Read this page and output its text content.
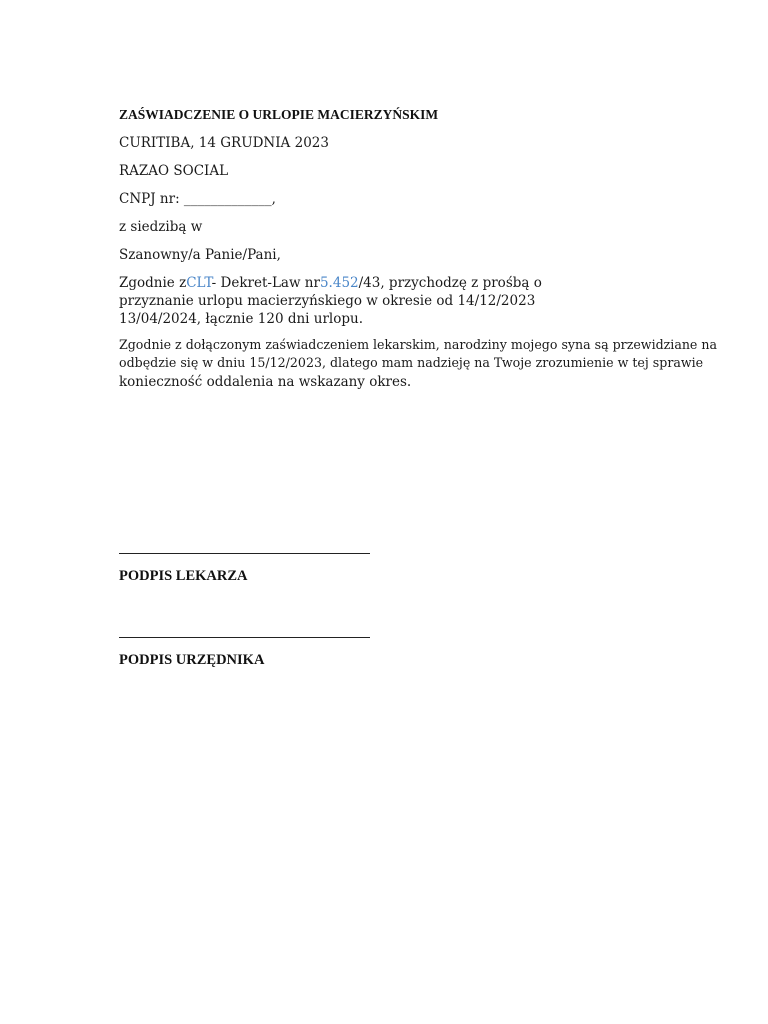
ZAŚWIADCZENIE O URLOPIE MACIERZYŃSKIM
CURITIBA, 14 GRUDNIA 2023
RAZAO SOCIAL
CNPJ nr: _____________,
z siedzibą w
Szanowny/a Panie/Pani,
Zgodnie zCLT- Dekret-Law nr5.452/43, przychodzę z prośbą o
przyznanie urlopu macierzyńskiego w okresie od 14/12/2023
13/04/2024, łącznie 120 dni urlopu.
Zgodnie z dołączonym zaświadczeniem lekarskim, narodziny mojego syna są przewidziane na
odbędzie się w dniu 15/12/2023, dlatego mam nadzieję na Twoje zrozumienie w tej sprawie
konieczność oddalenia na wskazany okres.
PODPIS LEKARZA
PODPIS URZĘDNIKA
